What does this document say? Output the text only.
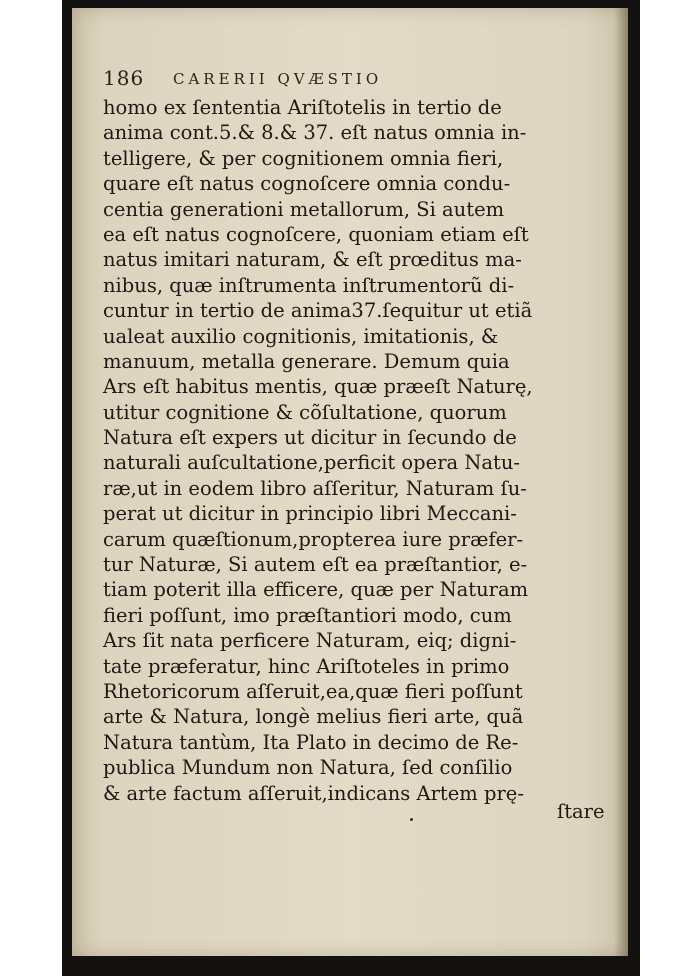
186 CARERII QVÆSTIO
homo ex ſententia Ariſtotelis in tertio de
anima cont.5.& 8.& 37. eſt natus omnia in-
telligere, & per cognitionem omnia fieri,
quare eſt natus cognoſcere omnia condu-
centia generationi metallorum, Si autem
ea eſt natus cognoſcere, quoniam etiam eſt
natus imitari naturam, & eſt prœditus ma-
nibus, quæ inſtrumenta inſtrumentorũ di-
cuntur in tertio de anima37.ſequitur ut etiã
ualeat auxilio cognitionis, imitationis, &
manuum, metalla generare. Demum quia
Ars eſt habitus mentis, quæ præeſt Naturę,
utitur cognitione & cõſultatione, quorum
Natura eſt expers ut dicitur in ſecundo de
naturali auſcultatione,perficit opera Natu-
ræ,ut in eodem libro aſſeritur, Naturam ſu-
perat ut dicitur in principio libri Meccani-
carum quæſtionum,propterea iure præfer-
tur Naturæ, Si autem eſt ea præſtantior, e-
tiam poterit illa efficere, quæ per Naturam
fieri poſſunt, imo præſtantiori modo, cum
Ars ſit nata perficere Naturam, eiq; digni-
tate præferatur, hinc Ariſtoteles in primo
Rhetoricorum aſſeruit,ea,quæ fieri poſſunt
arte & Natura, longè melius fieri arte, quã
Natura tantùm, Ita Plato in decimo de Re-
publica Mundum non Natura, ſed conſilio
& arte factum aſſeruit,indicans Artem prę-
ſtare
